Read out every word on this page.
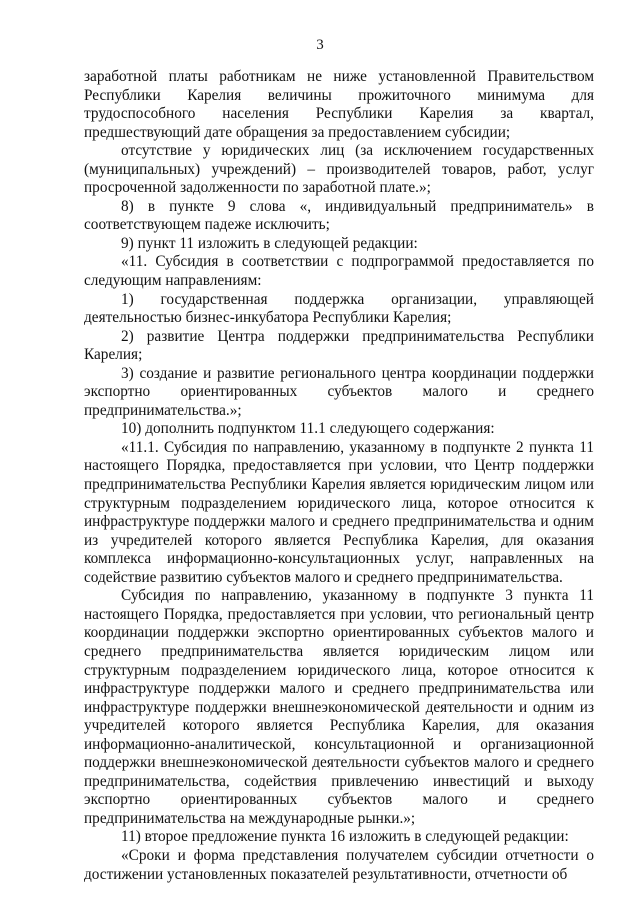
3

заработной платы работникам не ниже установленной Правительством Республики Карелия величины прожиточного минимума для трудоспособного населения Республики Карелия за квартал, предшествующий дате обращения за предоставлением субсидии;

отсутствие у юридических лиц (за исключением государственных (муниципальных) учреждений) – производителей товаров, работ, услуг просроченной задолженности по заработной плате.»;

8) в пункте 9 слова «, индивидуальный предприниматель» в соответствующем падеже исключить;

9) пункт 11 изложить в следующей редакции:

«11. Субсидия в соответствии с подпрограммой предоставляется по следующим направлениям:

1) государственная поддержка организации, управляющей деятельностью бизнес-инкубатора Республики Карелия;

2) развитие Центра поддержки предпринимательства Республики Карелия;

3) создание и развитие регионального центра координации поддержки экспортно ориентированных субъектов малого и среднего предпринимательства.»;

10) дополнить подпунктом 11.1 следующего содержания:

«11.1. Субсидия по направлению, указанному в подпункте 2 пункта 11 настоящего Порядка, предоставляется при условии, что Центр поддержки предпринимательства Республики Карелия является юридическим лицом или структурным подразделением юридического лица, которое относится к инфраструктуре поддержки малого и среднего предпринимательства и одним из учредителей которого является Республика Карелия, для оказания комплекса информационно-консультационных услуг, направленных на содействие развитию субъектов малого и среднего предпринимательства.

Субсидия по направлению, указанному в подпункте 3 пункта 11 настоящего Порядка, предоставляется при условии, что региональный центр координации поддержки экспортно ориентированных субъектов малого и среднего предпринимательства является юридическим лицом или структурным подразделением юридического лица, которое относится к инфраструктуре поддержки малого и среднего предпринимательства или инфраструктуре поддержки внешнеэкономической деятельности и одним из учредителей которого является Республика Карелия, для оказания информационно-аналитической, консультационной и организационной поддержки внешнеэкономической деятельности субъектов малого и среднего предпринимательства, содействия привлечению инвестиций и выходу экспортно ориентированных субъектов малого и среднего предпринимательства на международные рынки.»;

11) второе предложение пункта 16 изложить в следующей редакции:

«Сроки и форма представления получателем субсидии отчетности о достижении установленных показателей результативности, отчетности об
